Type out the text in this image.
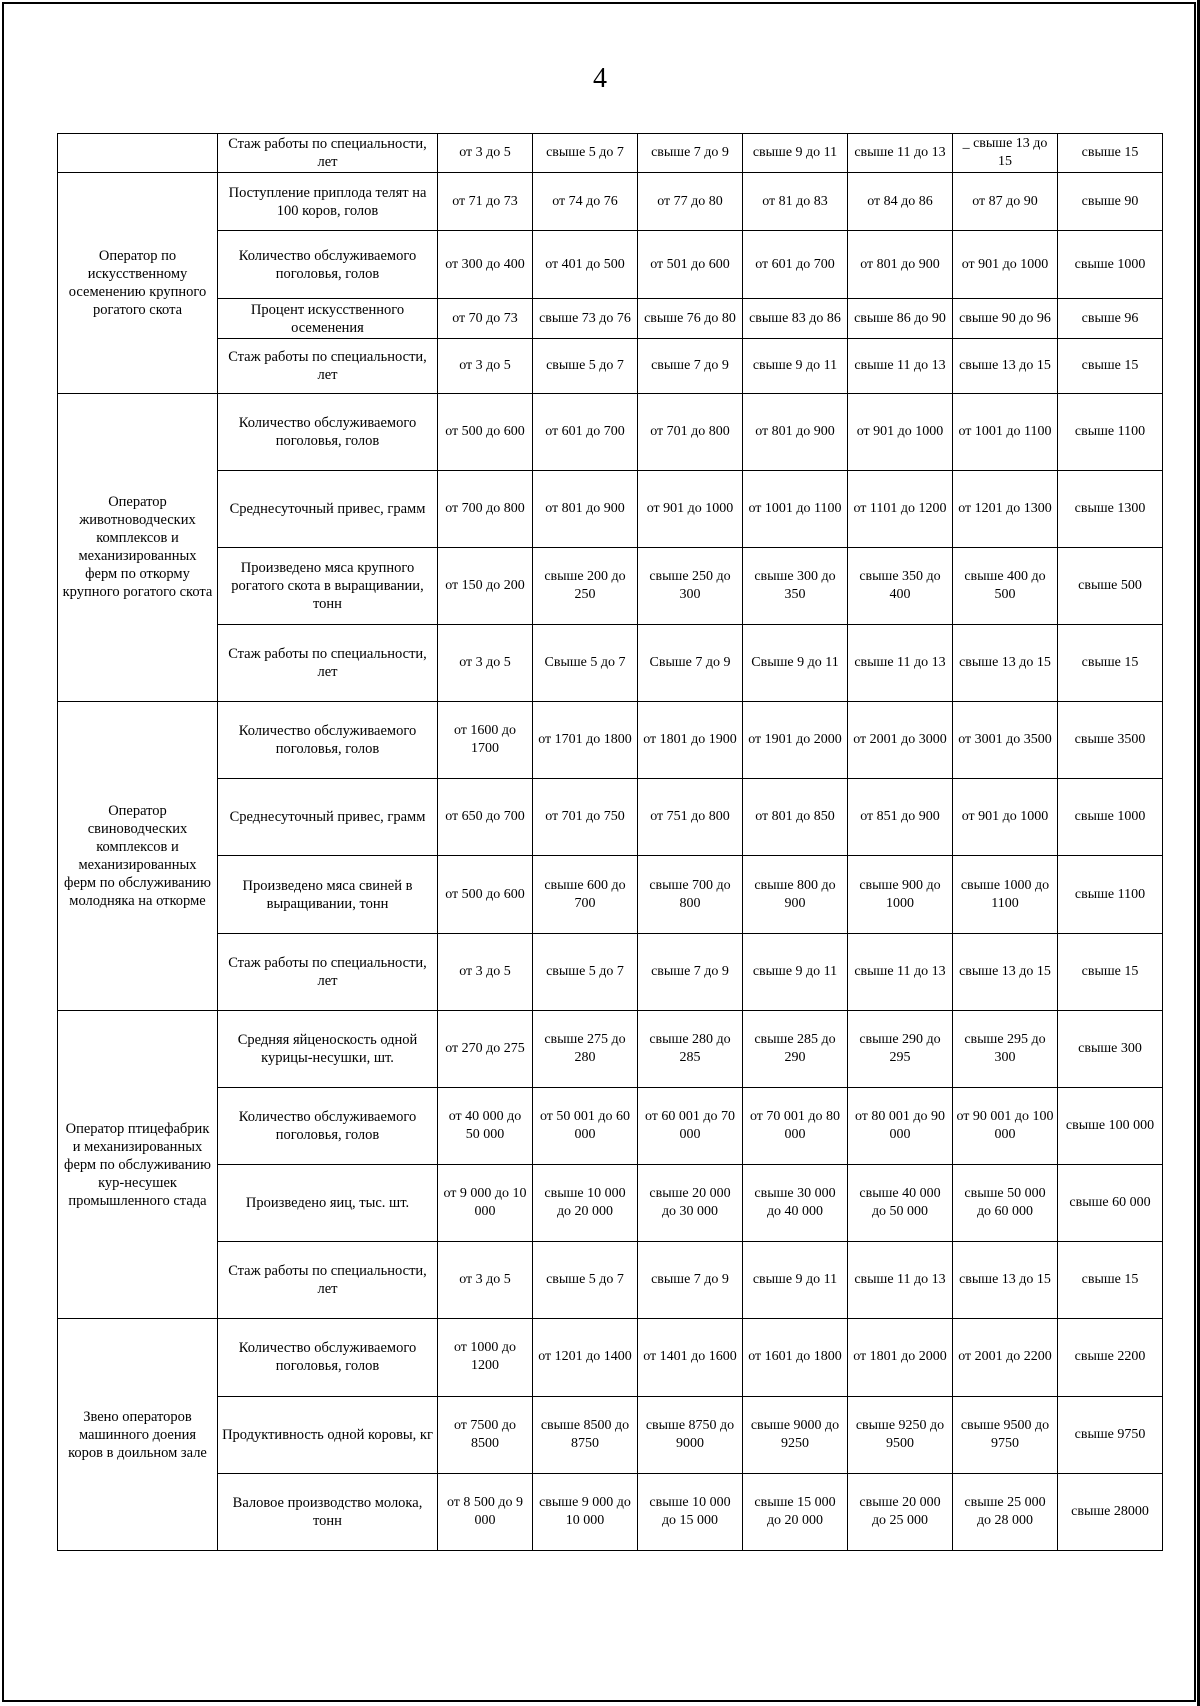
4
	Стаж работы по специальности, лет	от 3 до 5	свыше 5 до 7	свыше 7 до 9	свыше 9 до 11	свыше 11 до 13	_ свыше 13 до 15	свыше 15
Оператор по искусственному осеменению крупного рогатого скота	Поступление приплода телят на 100 коров, голов	от 71 до 73	от 74 до 76	от 77 до 80	от 81 до 83	от 84 до 86	от 87 до 90	свыше 90
	Количество обслуживаемого поголовья, голов	от 300 до 400	от 401 до 500	от 501 до 600	от 601 до 700	от 801 до 900	от 901 до 1000	свыше 1000
	Процент искусственного осеменения	от 70 до 73	свыше 73 до 76	свыше 76 до 80	свыше 83 до 86	свыше 86 до 90	свыше 90 до 96	свыше 96
	Стаж работы по специальности, лет	от 3 до 5	свыше 5 до 7	свыше 7 до 9	свыше 9 до 11	свыше 11 до 13	свыше 13 до 15	свыше 15
Оператор животноводческих комплексов и механизированных ферм по откорму крупного рогатого скота	Количество обслуживаемого поголовья, голов	от 500 до 600	от 601 до 700	от 701 до 800	от 801 до 900	от 901 до 1000	от 1001 до 1100	свыше 1100
	Среднесуточный привес, грамм	от 700 до 800	от 801 до 900	от 901 до 1000	от 1001 до 1100	от 1101 до 1200	от 1201 до 1300	свыше 1300
	Произведено мяса крупного рогатого скота в выращивании, тонн	от 150 до 200	свыше 200 до 250	свыше 250 до 300	свыше 300 до 350	свыше 350 до 400	свыше 400 до 500	свыше 500
	Стаж работы по специальности, лет	от 3 до 5	Свыше 5 до 7	Свыше 7 до 9	Свыше 9 до 11	свыше 11 до 13	свыше 13 до 15	свыше 15
Оператор свиноводческих комплексов и механизированных ферм по обслуживанию молодняка на откорме	Количество обслуживаемого поголовья, голов	от 1600 до 1700	от 1701 до 1800	от 1801 до 1900	от 1901 до 2000	от 2001 до 3000	от 3001 до 3500	свыше 3500
	Среднесуточный привес, грамм	от 650 до 700	от 701 до 750	от 751 до 800	от 801 до 850	от 851 до 900	от 901 до 1000	свыше 1000
	Произведено мяса свиней в выращивании, тонн	от 500 до 600	свыше 600 до 700	свыше 700 до 800	свыше 800 до 900	свыше 900 до 1000	свыше 1000 до 1100	свыше 1100
	Стаж работы по специальности, лет	от 3 до 5	свыше 5 до 7	свыше 7 до 9	свыше 9 до 11	свыше 11 до 13	свыше 13 до 15	свыше 15
Оператор птицефабрик и механизированных ферм по обслуживанию кур-несушек промышленного стада	Средняя яйценоскость одной курицы-несушки, шт.	от 270 до 275	свыше 275 до 280	свыше 280 до 285	свыше 285 до 290	свыше 290 до 295	свыше 295 до 300	свыше 300
	Количество обслуживаемого поголовья, голов	от 40 000 до 50 000	от 50 001 до 60 000	от 60 001 до 70 000	от 70 001 до 80 000	от 80 001 до 90 000	от 90 001 до 100 000	свыше 100 000
	Произведено яиц, тыс. шт.	от 9 000 до 10 000	свыше 10 000 до 20 000	свыше 20 000 до 30 000	свыше 30 000 до 40 000	свыше 40 000 до 50 000	свыше 50 000 до 60 000	свыше 60 000
	Стаж работы по специальности, лет	от 3 до 5	свыше 5 до 7	свыше 7 до 9	свыше 9 до 11	свыше 11 до 13	свыше 13 до 15	свыше 15
Звено операторов машинного доения коров в доильном зале	Количество обслуживаемого поголовья, голов	от 1000 до 1200	от 1201 до 1400	от 1401 до 1600	от 1601 до 1800	от 1801 до 2000	от 2001 до 2200	свыше 2200
	Продуктивность одной коровы, кг	от 7500 до 8500	свыше 8500 до 8750	свыше 8750 до 9000	свыше 9000 до 9250	свыше 9250 до 9500	свыше 9500 до 9750	свыше 9750
	Валовое производство молока, тонн	от 8 500 до 9 000	свыше 9 000 до 10 000	свыше 10 000 до 15 000	свыше 15 000 до 20 000	свыше 20 000 до 25 000	свыше 25 000 до 28 000	свыше 28000
